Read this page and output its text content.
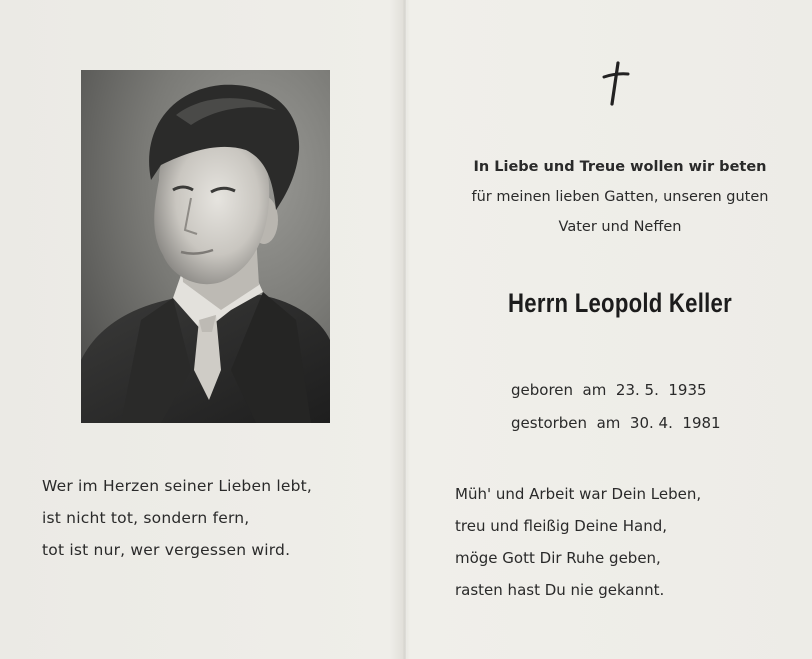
Wer im Herzen seiner Lieben lebt,
ist nicht tot, sondern fern,
tot ist nur, wer vergessen wird.
In Liebe und Treue wollen wir beten
für meinen lieben Gatten, unseren guten
Vater und Neffen
Herrn Leopold Keller
geboren  am  23. 5.  1935
gestorben  am  30. 4.  1981
Müh' und Arbeit war Dein Leben,
treu und fleißig Deine Hand,
möge Gott Dir Ruhe geben,
rasten hast Du nie gekannt.
